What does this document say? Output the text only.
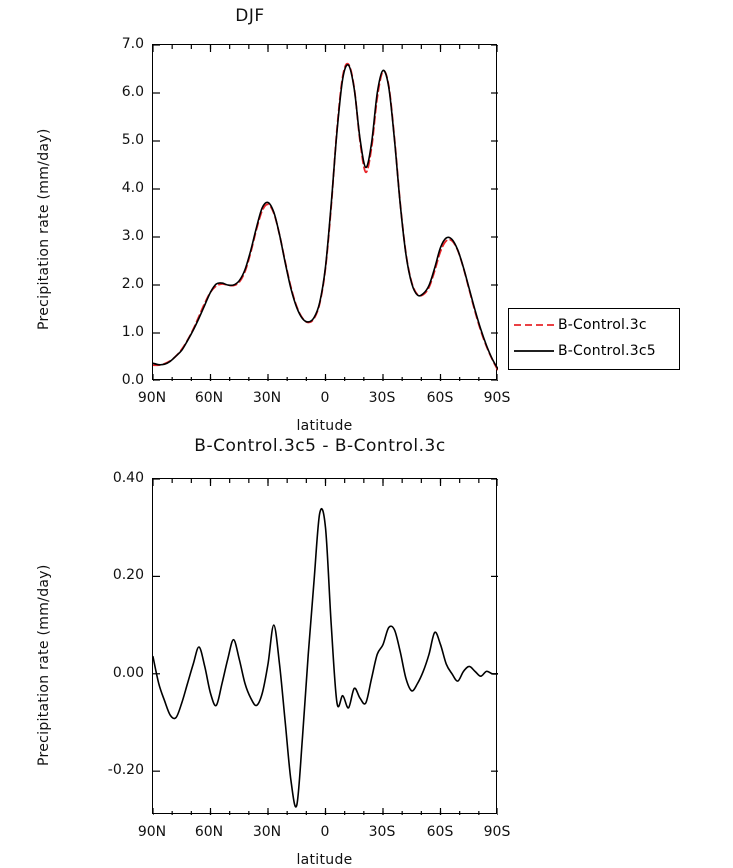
DJF
Precipitation rate (mm/day)
latitude
7.0
6.0
5.0
4.0
3.0
2.0
1.0
0.0
90N	60N	30N	0	30S	60S	90S
B-Control.3c
B-Control.3c5
B-Control.3c5 - B-Control.3c
Precipitation rate (mm/day)
latitude
0.40
0.20
0.00
-0.20
90N	60N	30N	0	30S	60S	90S
